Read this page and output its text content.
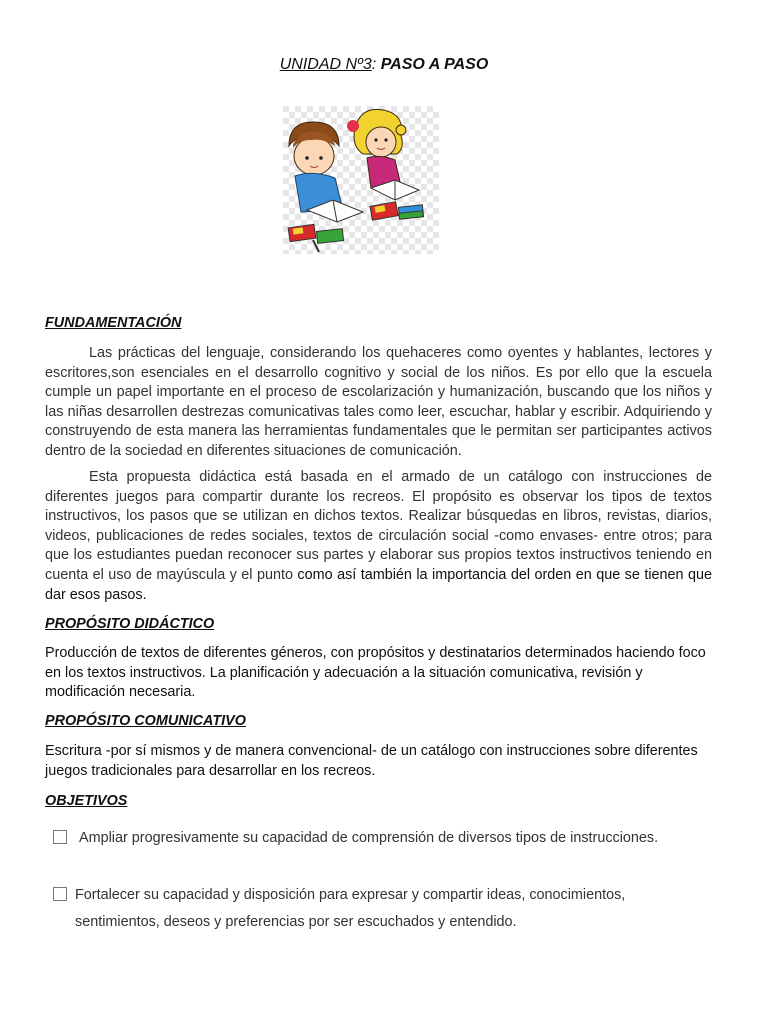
UNIDAD Nº3: PASO A PASO
FUNDAMENTACIÓN
Las prácticas del lenguaje, considerando los quehaceres como oyentes y hablantes, lectores y escritores,son esenciales en el desarrollo cognitivo y social de los niños. Es por ello que la escuela cumple un papel importante en el proceso de escolarización y humanización, buscando que los niños y las niñas desarrollen destrezas comunicativas tales como leer, escuchar, hablar y escribir. Adquiriendo y construyendo de esta manera las herramientas fundamentales que le permitan ser participantes activos dentro de la sociedad en diferentes situaciones de comunicación.
Esta propuesta didáctica está basada en el armado de un catálogo con instrucciones de diferentes juegos para compartir durante los recreos. El propósito es observar los tipos de textos instructivos, los pasos que se utilizan en dichos textos. Realizar búsquedas en libros, revistas, diarios, videos, publicaciones de redes sociales, textos de circulación social -como envases- entre otros; para que los estudiantes puedan reconocer sus partes y elaborar sus propios textos instructivos teniendo en cuenta el uso de mayúscula y el punto como así también la importancia del orden en que se tienen que dar esos pasos.
PROPÓSITO DIDÁCTICO
Producción de textos de diferentes géneros, con propósitos y destinatarios determinados haciendo foco en los textos instructivos. La planificación y adecuación a la situación comunicativa, revisión y modificación necesaria.
PROPÓSITO COMUNICATIVO
Escritura -por sí mismos y de manera convencional- de un catálogo con instrucciones sobre diferentes juegos tradicionales para desarrollar en los recreos.
OBJETIVOS
Ampliar progresivamente su capacidad de comprensión de diversos tipos de instrucciones.
Fortalecer su capacidad y disposición para expresar y compartir ideas, conocimientos, sentimientos, deseos y preferencias por ser escuchados y entendido.
